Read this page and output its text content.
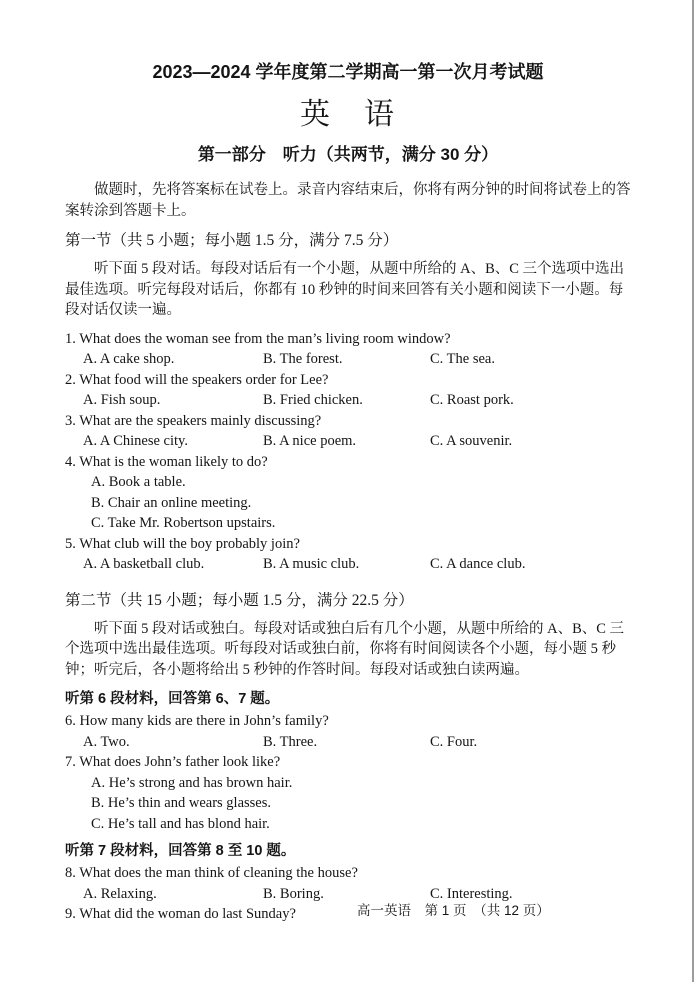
2023—2024 学年度第二学期高一第一次月考试题
英　语
第一部分　听力（共两节，满分 30 分）
做题时，先将答案标在试卷上。录音内容结束后，你将有两分钟的时间将试卷上的答案转涂到答题卡上。
第一节（共 5 小题；每小题 1.5 分，满分 7.5 分）
听下面 5 段对话。每段对话后有一个小题，从题中所给的 A、B、C 三个选项中选出最佳选项。听完每段对话后，你都有 10 秒钟的时间来回答有关小题和阅读下一小题。每段对话仅读一遍。
1. What does the woman see from the man’s living room window?
A. A cake shop.	B. The forest.	C. The sea.
2. What food will the speakers order for Lee?
A. Fish soup.	B. Fried chicken.	C. Roast pork.
3. What are the speakers mainly discussing?
A. A Chinese city.	B. A nice poem.	C. A souvenir.
4. What is the woman likely to do?
A. Book a table.
B. Chair an online meeting.
C. Take Mr. Robertson upstairs.
5. What club will the boy probably join?
A. A basketball club.	B. A music club.	C. A dance club.
第二节（共 15 小题；每小题 1.5 分，满分 22.5 分）
听下面 5 段对话或独白。每段对话或独白后有几个小题，从题中所给的 A、B、C 三个选项中选出最佳选项。听每段对话或独白前，你将有时间阅读各个小题，每小题 5 秒钟；听完后，各小题将给出 5 秒钟的作答时间。每段对话或独白读两遍。
听第 6 段材料，回答第 6、7 题。
6. How many kids are there in John’s family?
A. Two.	B. Three.	C. Four.
7. What does John’s father look like?
A. He’s strong and has brown hair.
B. He’s thin and wears glasses.
C. He’s tall and has blond hair.
听第 7 段材料，回答第 8 至 10 题。
8. What does the man think of cleaning the house?
A. Relaxing.	B. Boring.	C. Interesting.
9. What did the woman do last Sunday?	高一英语　第 1 页　（共 12 页）
